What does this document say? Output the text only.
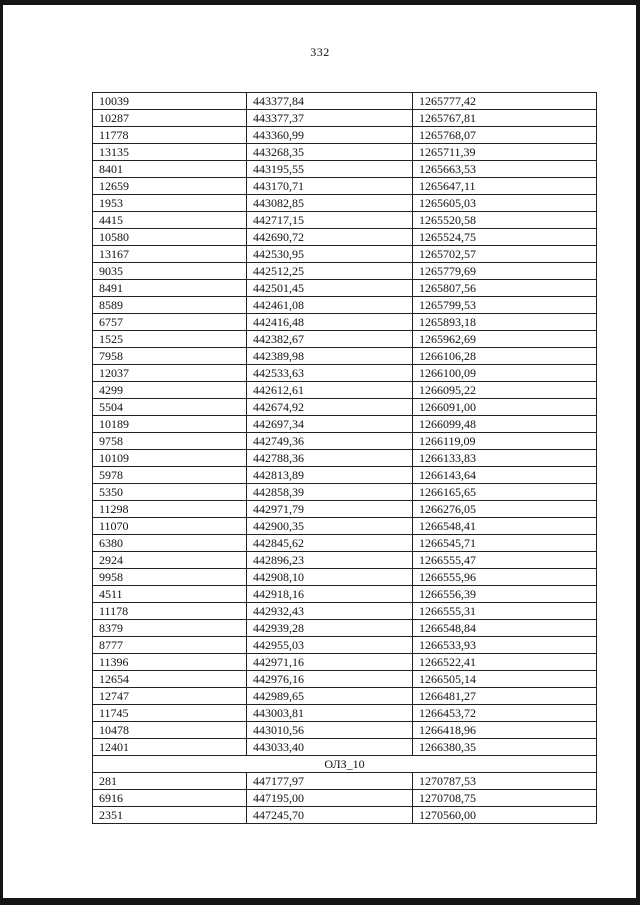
332
10039	443377,84	1265777,42
10287	443377,37	1265767,81
11778	443360,99	1265768,07
13135	443268,35	1265711,39
8401	443195,55	1265663,53
12659	443170,71	1265647,11
1953	443082,85	1265605,03
4415	442717,15	1265520,58
10580	442690,72	1265524,75
13167	442530,95	1265702,57
9035	442512,25	1265779,69
8491	442501,45	1265807,56
8589	442461,08	1265799,53
6757	442416,48	1265893,18
1525	442382,67	1265962,69
7958	442389,98	1266106,28
12037	442533,63	1266100,09
4299	442612,61	1266095,22
5504	442674,92	1266091,00
10189	442697,34	1266099,48
9758	442749,36	1266119,09
10109	442788,36	1266133,83
5978	442813,89	1266143,64
5350	442858,39	1266165,65
11298	442971,79	1266276,05
11070	442900,35	1266548,41
6380	442845,62	1266545,71
2924	442896,23	1266555,47
9958	442908,10	1266555,96
4511	442918,16	1266556,39
11178	442932,43	1266555,31
8379	442939,28	1266548,84
8777	442955,03	1266533,93
11396	442971,16	1266522,41
12654	442976,16	1266505,14
12747	442989,65	1266481,27
11745	443003,81	1266453,72
10478	443010,56	1266418,96
12401	443033,40	1266380,35
ОЛЗ_10		
281	447177,97	1270787,53
6916	447195,00	1270708,75
2351	447245,70	1270560,00
